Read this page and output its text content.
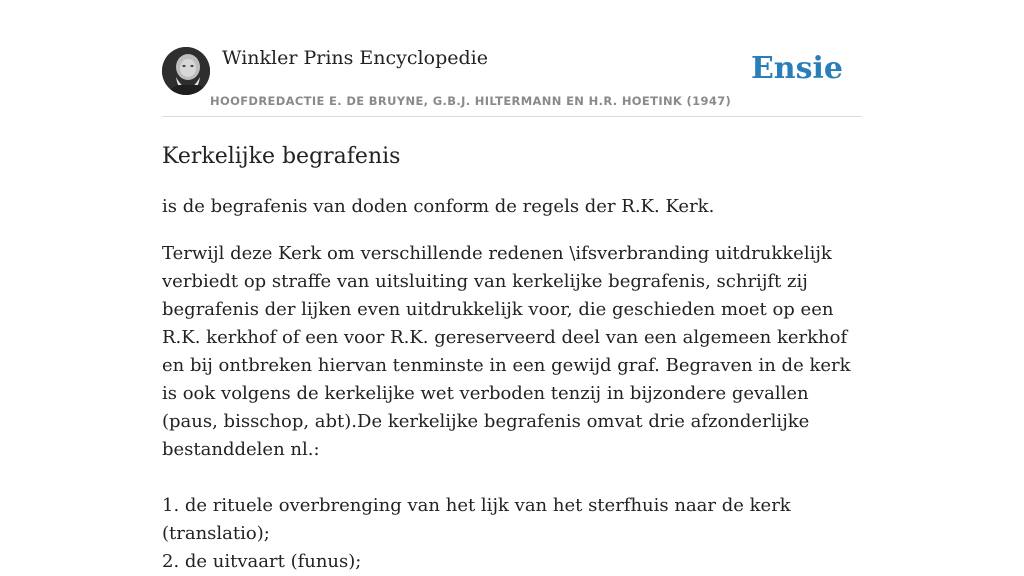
Winkler Prins Encyclopedie
HOOFDREDACTIE E. DE BRUYNE, G.B.J. HILTERMANN EN H.R. HOETINK (1947)
Ensie
Kerkelijke begrafenis

is de begrafenis van doden conform de regels der R.K. Kerk.

Terwijl deze Kerk om verschillende redenen \ifsverbranding uitdrukkelijk verbiedt op straffe van uitsluiting van kerkelijke begrafenis, schrijft zij begrafenis der lijken even uitdrukkelijk voor, die geschieden moet op een R.K. kerkhof of een voor R.K. gereserveerd deel van een algemeen kerkhof en bij ontbreken hiervan tenminste in een gewijd graf. Begraven in de kerk is ook volgens de kerkelijke wet verboden tenzij in bijzondere gevallen (paus, bisschop, abt).De kerkelijke begrafenis omvat drie afzonderlijke bestanddelen nl.:

1. de rituele overbrenging van het lijk van het sterfhuis naar de kerk (translatio);
2. de uitvaart (funus);
